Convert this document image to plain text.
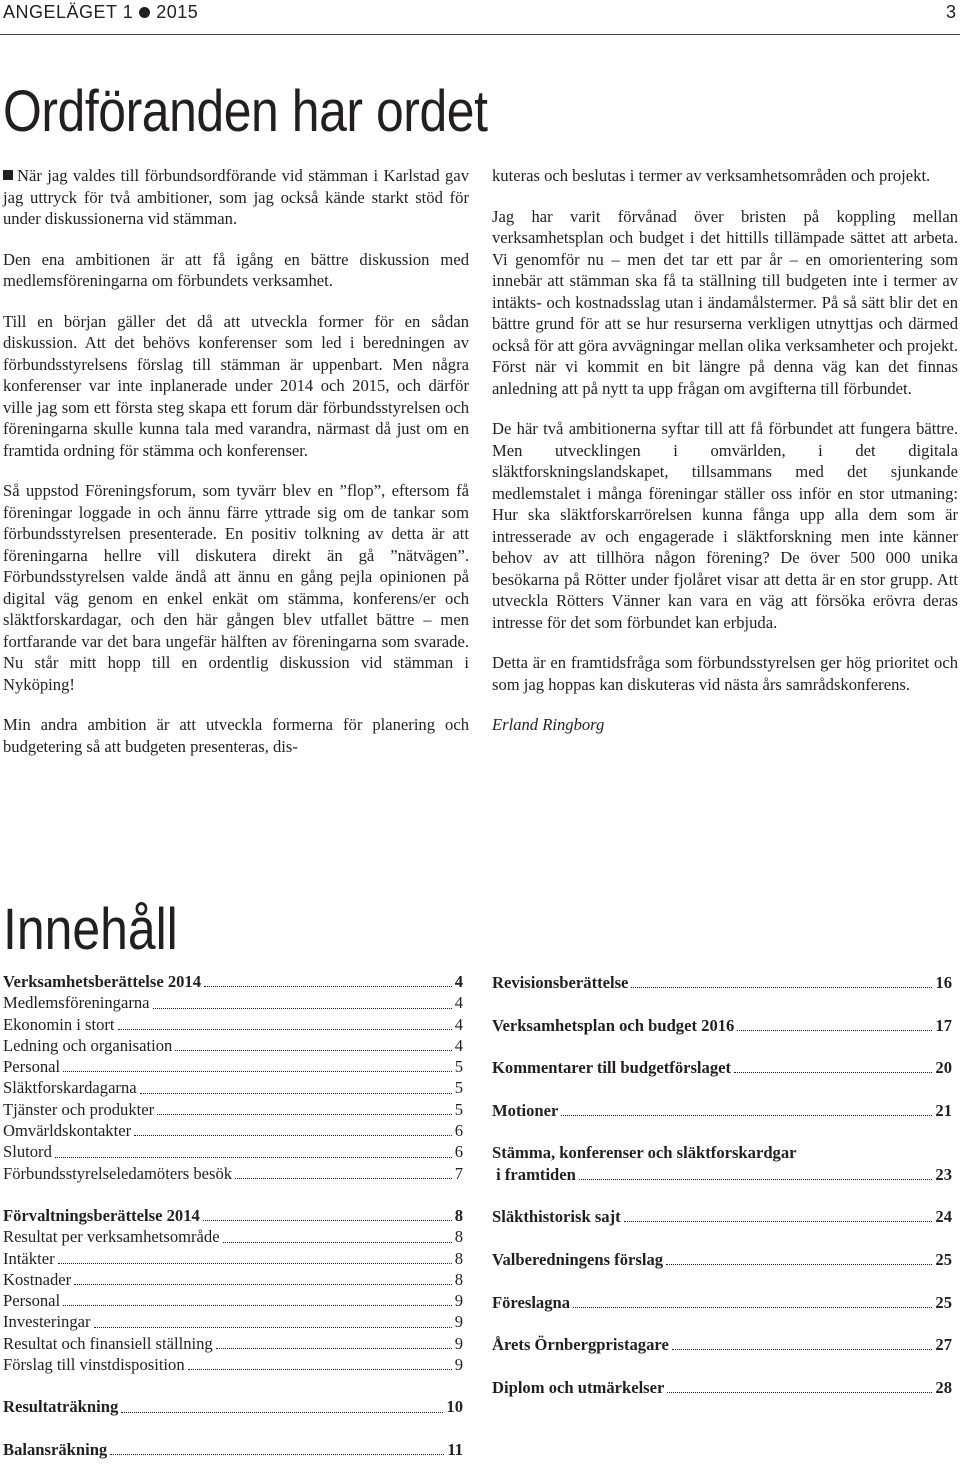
ANGELÄGET 1 2015	3
Ordföranden har ordet

När jag valdes till förbundsordförande vid stämman i Karlstad gav jag uttryck för två ambitioner, som jag också kände starkt stöd för under diskussionerna vid stämman.

Den ena ambitionen är att få igång en bättre diskussion med medlemsföreningarna om förbundets verksamhet.

Till en början gäller det då att utveckla former för en sådan diskussion. Att det behövs konferenser som led i beredningen av förbundsstyrelsens förslag till stämman är uppenbart. Men några konferenser var inte inplanerade under 2014 och 2015, och därför ville jag som ett första steg skapa ett forum där förbundsstyrelsen och föreningarna skulle kunna tala med varandra, närmast då just om en framtida ordning för stämma och konferenser.

Så uppstod Föreningsforum, som tyvärr blev en ”flop”, eftersom få föreningar loggade in och ännu färre yttrade sig om de tankar som förbundsstyrelsen presenterade. En positiv tolkning av detta är att föreningarna hellre vill diskutera direkt än gå ”nätvägen”. Förbundsstyrelsen valde ändå att ännu en gång pejla opinionen på digital väg genom en enkel enkät om stämma, konferens/er och släktforskardagar, och den här gången blev utfallet bättre – men fortfarande var det bara ungefär hälften av föreningarna som svarade. Nu står mitt hopp till en ordentlig diskussion vid stämman i Nyköping!

Min andra ambition är att utveckla formerna för planering och budgetering så att budgeten presenteras, dis-

kuteras och beslutas i termer av verksamhetsområden och projekt.

Jag har varit förvånad över bristen på koppling mellan verksamhetsplan och budget i det hittills tillämpade sättet att arbeta. Vi genomför nu – men det tar ett par år – en omorientering som innebär att stämman ska få ta ställning till budgeten inte i termer av intäkts- och kostnadsslag utan i ändamålstermer. På så sätt blir det en bättre grund för att se hur resurserna verkligen utnyttjas och därmed också för att göra avvägningar mellan olika verksamheter och projekt. Först när vi kommit en bit längre på denna väg kan det finnas anledning att på nytt ta upp frågan om avgifterna till förbundet.

De här två ambitionerna syftar till att få förbundet att fungera bättre. Men utvecklingen i omvärlden, i det digitala släktforskningslandskapet, tillsammans med det sjunkande medlemstalet i många föreningar ställer oss inför en stor utmaning: Hur ska släktforskarrörelsen kunna fånga upp alla dem som är intresserade av och engagerade i släktforskning men inte känner behov av att tillhöra någon förening? De över 500 000 unika besökarna på Rötter under fjolåret visar att detta är en stor grupp. Att utveckla Rötters Vänner kan vara en väg att försöka erövra deras intresse för det som förbundet kan erbjuda.

Detta är en framtidsfråga som förbundsstyrelsen ger hög prioritet och som jag hoppas kan diskuteras vid nästa års samrådskonferens.

Erland Ringborg
Innehåll
Verksamhetsberättelse 2014	4
Medlemsföreningarna	4
Ekonomin i stort	4
Ledning och organisation	4
Personal	5
Släktforskardagarna	5
Tjänster och produkter	5
Omvärldskontakter	6
Slutord	6
Förbundsstyrelseledamöters besök	7
Förvaltningsberättelse 2014	8
Resultat per verksamhetsområde	8
Intäkter	8
Kostnader	8
Personal	9
Investeringar	9
Resultat och finansiell ställning	9
Förslag till vinstdisposition	9
Resultaträkning	10
Balansräkning	11
Revisionsberättelse	16
Verksamhetsplan och budget 2016	17
Kommentarer till budgetförslaget	20
Motioner	21
Stämma, konferenser och släktforskardgar
i framtiden	23
Släkthistorisk sajt	24
Valberedningens förslag	25
Föreslagna	25
Årets Örnbergpristagare	27
Diplom och utmärkelser	28
